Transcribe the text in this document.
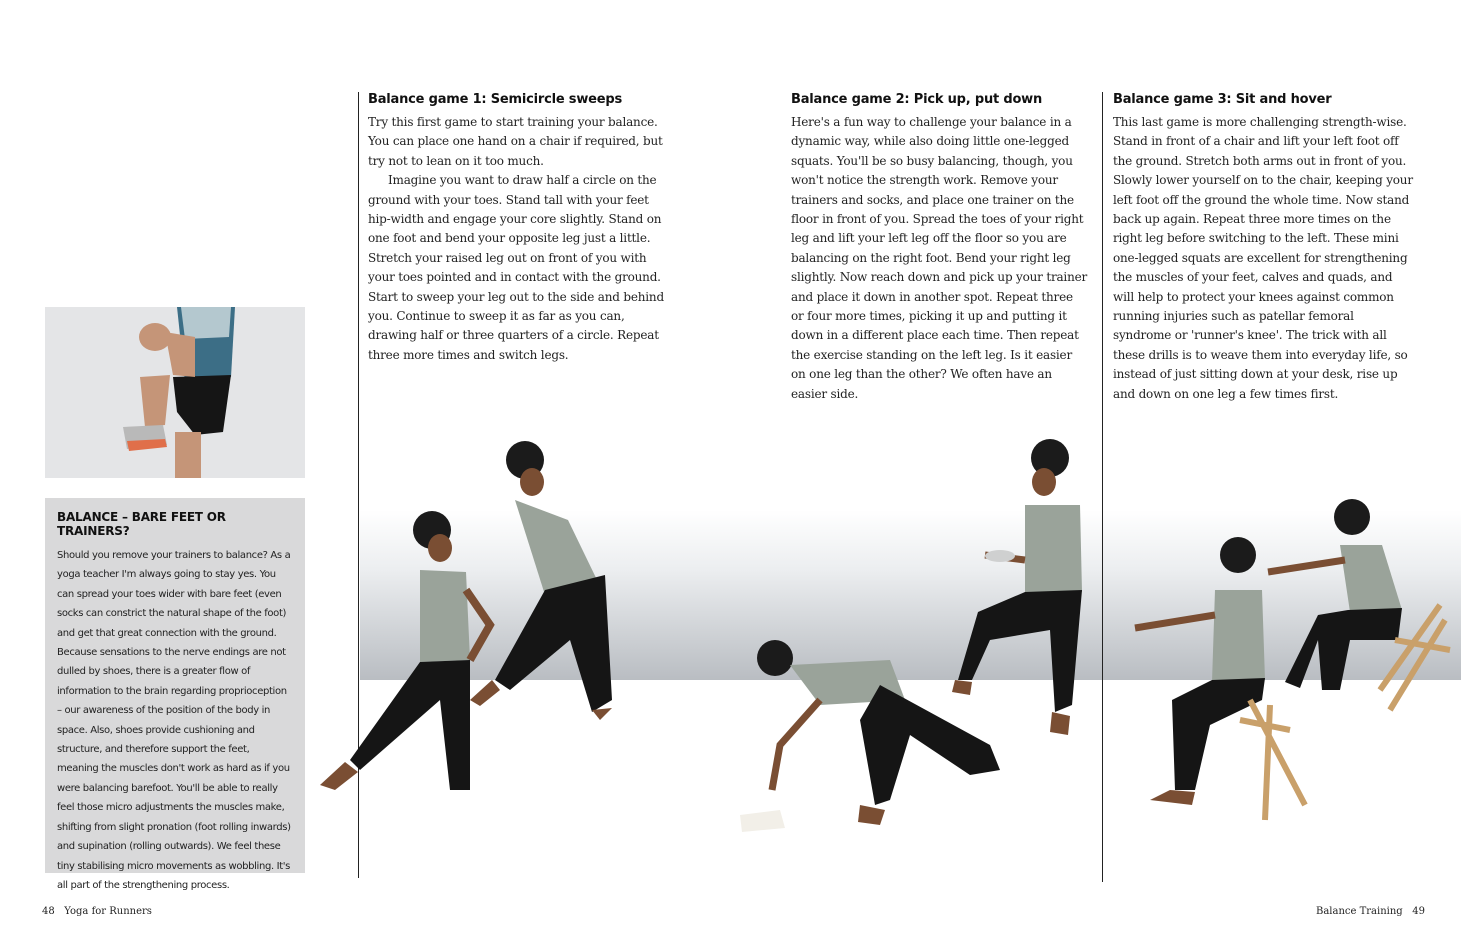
BALANCE – BARE FEET OR TRAINERS?

Should you remove your trainers to balance? As a yoga teacher I'm always going to stay yes. You can spread your toes wider with bare feet (even socks can constrict the natural shape of the foot) and get that great connection with the ground. Because sensations to the nerve endings are not dulled by shoes, there is a greater flow of information to the brain regarding proprioception – our awareness of the position of the body in space. Also, shoes provide cushioning and structure, and therefore support the feet, meaning the muscles don't work as hard as if you were balancing barefoot. You'll be able to really feel those micro adjustments the muscles make, shifting from slight pronation (foot rolling inwards) and supination (rolling outwards). We feel these tiny stabilising micro movements as wobbling. It's all part of the strengthening process.

Balance game 1: Semicircle sweeps

Try this first game to start training your balance. You can place one hand on a chair if required, but try not to lean on it too much.

Imagine you want to draw half a circle on the ground with your toes. Stand tall with your feet hip-width and engage your core slightly. Stand on one foot and bend your opposite leg just a little. Stretch your raised leg out on front of you with your toes pointed and in contact with the ground. Start to sweep your leg out to the side and behind you. Continue to sweep it as far as you can, drawing half or three quarters of a circle. Repeat three more times and switch legs.

Balance game 2: Pick up, put down

Here's a fun way to challenge your balance in a dynamic way, while also doing little one-legged squats. You'll be so busy balancing, though, you won't notice the strength work. Remove your trainers and socks, and place one trainer on the floor in front of you. Spread the toes of your right leg and lift your left leg off the floor so you are balancing on the right foot. Bend your right leg slightly. Now reach down and pick up your trainer and place it down in another spot. Repeat three or four more times, picking it up and putting it down in a different place each time. Then repeat the exercise standing on the left leg. Is it easier on one leg than the other? We often have an easier side.

Balance game 3: Sit and hover

This last game is more challenging strength-wise. Stand in front of a chair and lift your left foot off the ground. Stretch both arms out in front of you. Slowly lower yourself on to the chair, keeping your left foot off the ground the whole time. Now stand back up again. Repeat three more times on the right leg before switching to the left. These mini one-legged squats are excellent for strengthening the muscles of your feet, calves and quads, and will help to protect your knees against common running injuries such as patellar femoral syndrome or 'runner's knee'. The trick with all these drills is to weave them into everyday life, so instead of just sitting down at your desk, rise up and down on one leg a few times first.

48 Yoga for Runners	Balance Training 49
